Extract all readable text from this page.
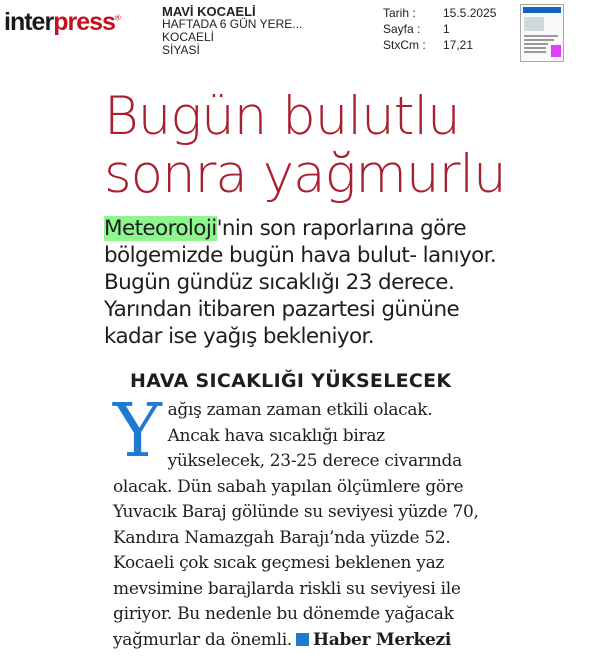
interpress®	MAVİ KOCAELİ
HAFTADA 6 GÜN YERE...
KOCAELİ
SİYASİ
Tarih :	15.5.2025
Sayfa :	1
StxCm :	17,21
Bugün bulutlu
sonra yağmurlu
Meteoroloji'nin son raporlarına göre bölgemizde bugün hava bulut- lanıyor. Bugün gündüz sıcaklığı 23 derece. Yarından itibaren pazartesi gününe kadar ise yağış bekleniyor.
HAVA SICAKLIĞI YÜKSELECEK
Yağış zaman zaman etkili olacak. Ancak hava sıcaklığı biraz yükselecek, 23-25 derece civarında olacak. Dün sabah yapılan ölçümlere göre Yuvacık Baraj gölünde su seviyesi yüzde 70, Kandıra Namazgah Barajı’nda yüzde 52. Kocaeli çok sıcak geçmesi beklenen yaz mevsimine barajlarda riskli su seviyesi ile giriyor. Bu nedenle bu dönemde yağacak yağmurlar da önemli. Haber Merkezi
